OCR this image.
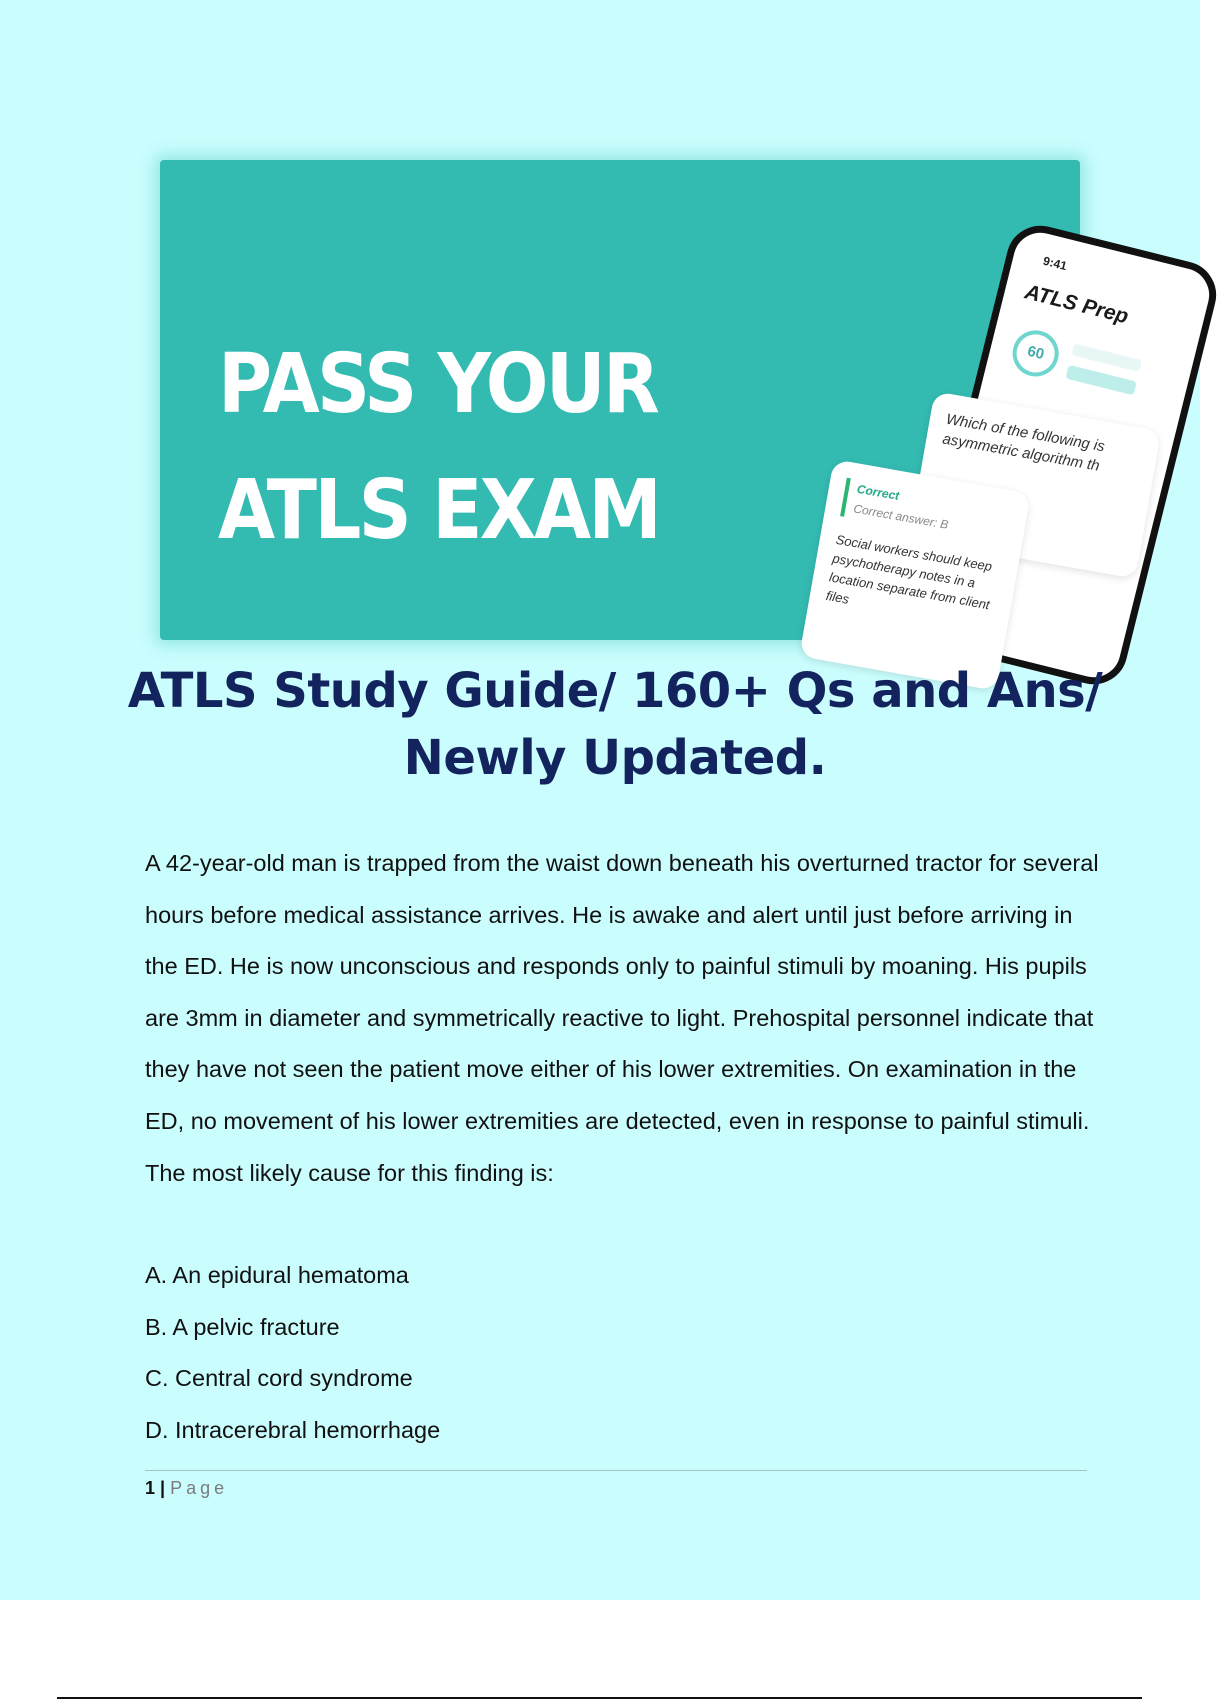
PASS YOUR
ATLS EXAM
9:41
ATLS Prep
60
Which of the following is asymmetric algorithm th
Correct
Correct answer: B
Social workers should keep psychotherapy notes in a location separate from client files
ATLS Study Guide/ 160+ Qs and Ans/ Newly Updated.

A 42-year-old man is trapped from the waist down beneath his overturned tractor for several hours before medical assistance arrives. He is awake and alert until just before arriving in the ED. He is now unconscious and responds only to painful stimuli by moaning. His pupils are 3mm in diameter and symmetrically reactive to light. Prehospital personnel indicate that they have not seen the patient move either of his lower extremities. On examination in the ED, no movement of his lower extremities are detected, even in response to painful stimuli. The most likely cause for this finding is:

A. An epidural hematoma
B. A pelvic fracture
C. Central cord syndrome
D. Intracerebral hemorrhage
1 | Page
